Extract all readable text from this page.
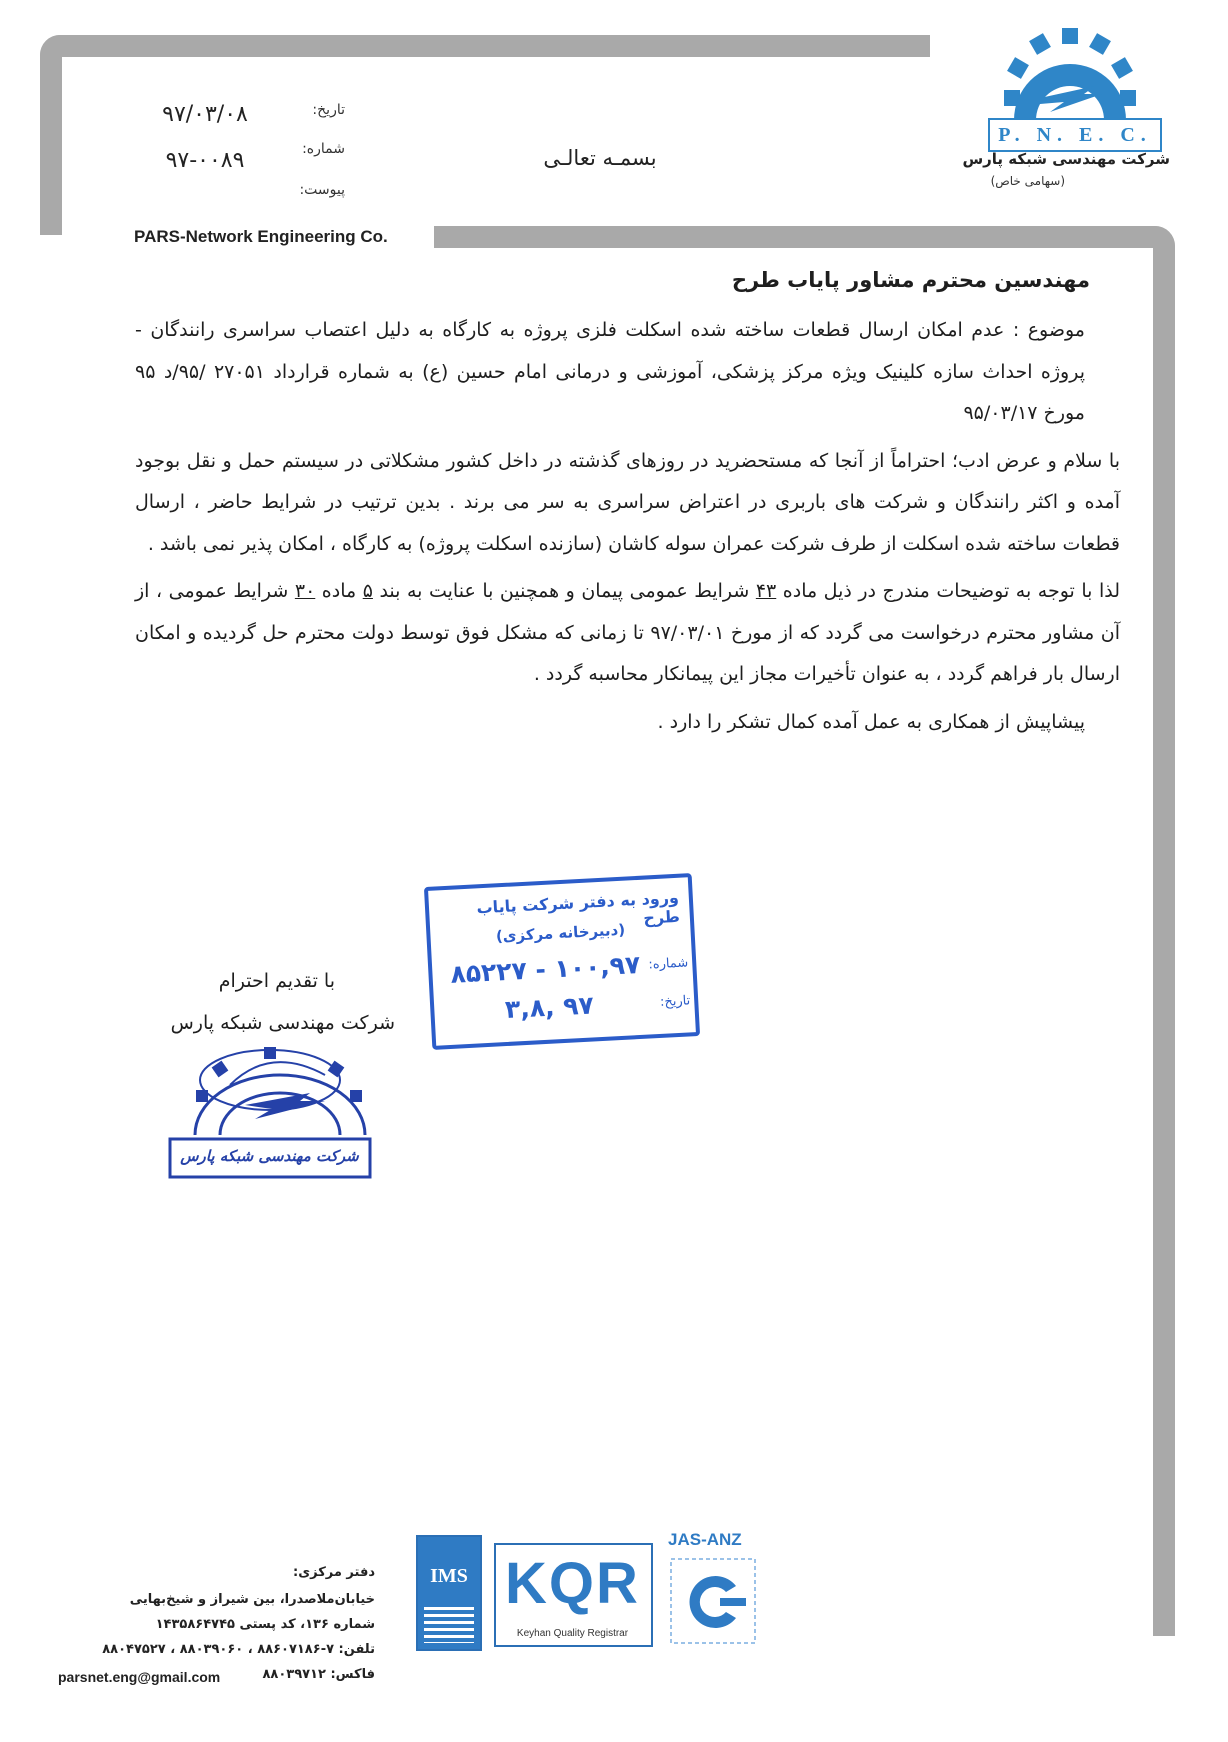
PARS-Network Engineering Co.
تاریخ:
۹۷/۰۳/۰۸
شماره:
۹۷-۰۰۸۹
پیوست:
بسمـه تعالـی
P. N. E. C.
شرکت مهندسی شبکه پارس
(سهامی خاص)
مهندسین محترم مشاور پایاب طرح

موضوع : عدم امکان ارسال قطعات ساخته شده اسکلت فلزی پروژه به کارگاه به دلیل اعتصاب سراسری رانندگان - پروژه احداث سازه کلینیک ویژه مرکز پزشکی، آموزشی و درمانی امام حسین (ع) به شماره قرارداد ۲۷۰۵۱ /۹۵/د ۹۵ مورخ ۹۵/۰۳/۱۷

با سلام و عرض ادب؛ احتراماً از آنجا که مستحضرید در روزهای گذشته در داخل کشور مشکلاتی در سیستم حمل و نقل بوجود آمده و اکثر رانندگان و شرکت های باربری در اعتراض سراسری به سر می برند . بدین ترتیب در شرایط حاضر ، ارسال قطعات ساخته شده اسکلت از طرف شرکت عمران سوله کاشان (سازنده اسکلت پروژه) به کارگاه ، امکان پذیر نمی باشد .

لذا با توجه به توضیحات مندرج در ذیل ماده ۴۳ شرایط عمومی پیمان و همچنین با عنایت به بند ۵ ماده ۳۰ شرایط عمومی ، از آن مشاور محترم درخواست می گردد که از مورخ ۹۷/۰۳/۰۱ تا زمانی که مشکل فوق توسط دولت محترم حل گردیده و امکان ارسال بار فراهم گردد ، به عنوان تأخیرات مجاز این پیمانکار محاسبه گردد .

پیشاپیش از همکاری به عمل آمده کمال تشکر را دارد .

با تقدیم احترام
شرکت مهندسی شبکه پارس
شرکت مهندسی شبکه پارس
ورود به دفتر شرکت پایاب طرح
(دبیرخانه مرکزی)
شماره:
۱۰۰,۹۷ - ۸۵۲۲۷
تاریخ:
۹۷ ,۳,۸
دفتر مرکزی:
خیابان‌ملاصدرا، بین شیراز و شیخ‌بهایی
شماره ۱۳۶، کد پستی ۱۴۳۵۸۶۴۷۴۵
تلفن: ۷-۸۸۶۰۷۱۸۶ ، ۸۸۰۳۹۰۶۰ ، ۸۸۰۴۷۵۲۷
فاکس: ۸۸۰۳۹۷۱۲
parsnet.eng@gmail.com
IMS KQR
Keyhan Quality Registrar
JAS-ANZ
